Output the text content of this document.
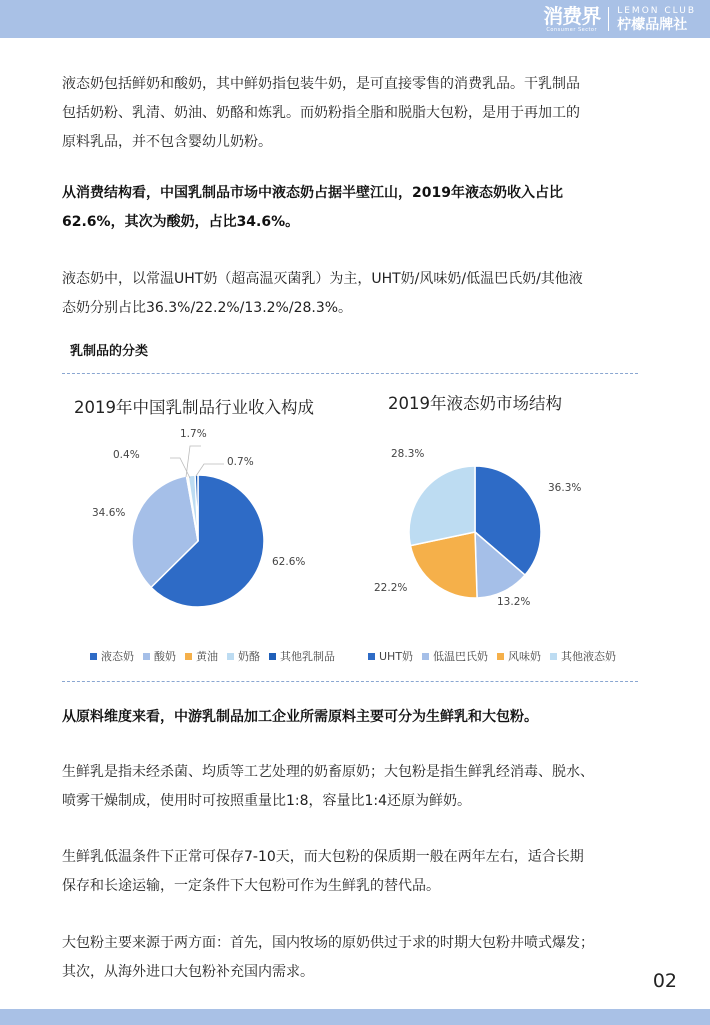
消费界
Consumer Sector
LEMON CLUB
柠檬品牌社

液态奶包括鲜奶和酸奶，其中鲜奶指包装牛奶，是可直接零售的消费乳品。干乳制品
包括奶粉、乳清、奶油、奶酪和炼乳。而奶粉指全脂和脱脂大包粉，是用于再加工的
原料乳品，并不包含婴幼儿奶粉。

从消费结构看，中国乳制品市场中液态奶占据半壁江山，2019年液态奶收入占比
62.6%，其次为酸奶，占比34.6%。

液态奶中，以常温UHT奶（超高温灭菌乳）为主，UHT奶/风味奶/低温巴氏奶/其他液
态奶分别占比36.3%/22.2%/13.2%/28.3%。

乳制品的分类
2019年中国乳制品行业收入构成	2019年液态奶市场结构
1.7%
0.4%
0.7%
34.6%
62.6%
28.3%
36.3%
22.2%
13.2%
液态奶 酸奶 黄油 奶酪 其他乳制品	UHT奶 低温巴氏奶 风味奶 其他液态奶

从原料维度来看，中游乳制品加工企业所需原料主要可分为生鲜乳和大包粉。

生鲜乳是指未经杀菌、均质等工艺处理的奶畜原奶；大包粉是指生鲜乳经消毒、脱水、
喷雾干燥制成，使用时可按照重量比1:8，容量比1:4还原为鲜奶。

生鲜乳低温条件下正常可保存7-10天，而大包粉的保质期一般在两年左右，适合长期
保存和长途运输，一定条件下大包粉可作为生鲜乳的替代品。

大包粉主要来源于两方面：首先，国内牧场的原奶供过于求的时期大包粉井喷式爆发；
其次，从海外进口大包粉补充国内需求。	02
